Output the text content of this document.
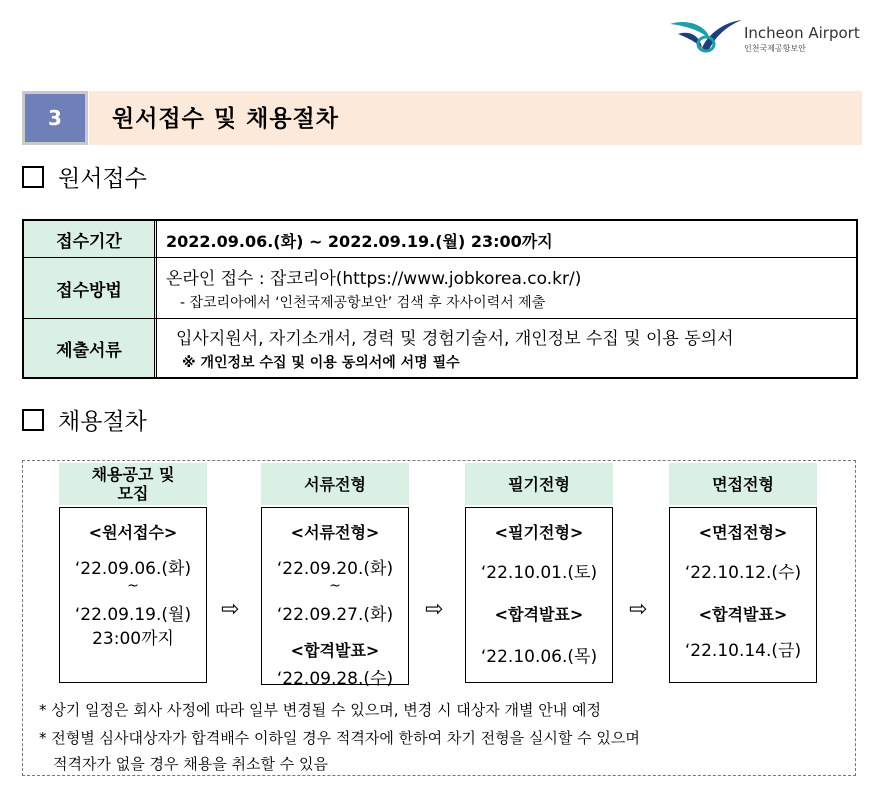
Incheon Airport
인천국제공항보안
3	원서접수 및 채용절차
원서접수
접수기간	2022.09.06.(화) ~ 2022.09.19.(월) 23:00까지
접수방법
온라인 접수 : 잡코리아(https://www.jobkorea.co.kr/)
- 잡코리아에서 ‘인천국제공항보안’ 검색 후 자사이력서 제출
제출서류
입사지원서, 자기소개서, 경력 및 경험기술서, 개인정보 수집 및 이용 동의서
※ 개인정보 수집 및 이용 동의서에 서명 필수
채용절차
채용공고 및
모집
<원서접수>
‘22.09.06.(화)
~
‘22.09.19.(월)
23:00까지
⇨
서류전형
<서류전형>
‘22.09.20.(화)
~
‘22.09.27.(화)
<합격발표>
‘22.09.28.(수)
⇨
필기전형
<필기전형>
‘22.10.01.(토)
<합격발표>
‘22.10.06.(목)
⇨
면접전형
<면접전형>
‘22.10.12.(수)
<합격발표>
‘22.10.14.(금)
* 상기 일정은 회사 사정에 따라 일부 변경될 수 있으며, 변경 시 대상자 개별 안내 예정
* 전형별 심사대상자가 합격배수 이하일 경우 적격자에 한하여 차기 전형을 실시할 수 있으며
적격자가 없을 경우 채용을 취소할 수 있음
